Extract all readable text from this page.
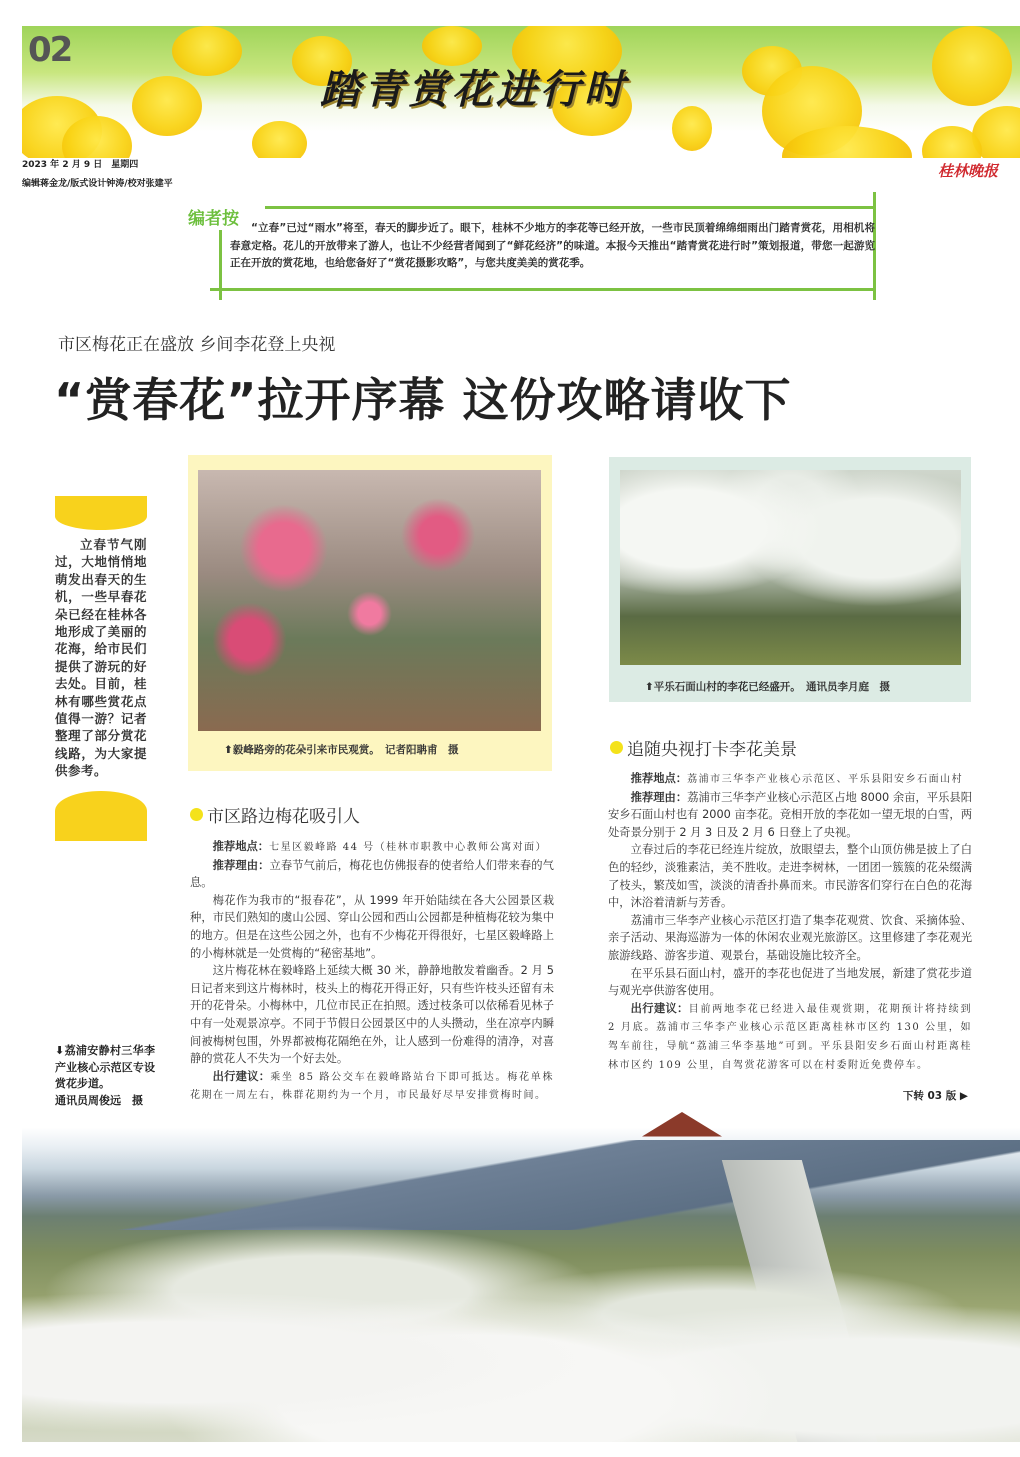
02
踏青赏花进行时
2023 年 2 月 9 日　星期四
编辑蒋金龙/版式设计钟涛/校对张建平
桂林晚报
编者按	“立春”已过“雨水”将至，春天的脚步近了。眼下，桂林不少地方的李花等已经开放，一些市民顶着绵绵细雨出门踏青赏花，用相机将春意定格。花儿的开放带来了游人，也让不少经营者闻到了“鲜花经济”的味道。本报今天推出“踏青赏花进行时”策划报道，带您一起游览正在开放的赏花地，也给您备好了“赏花摄影攻略”，与您共度美美的赏花季。
市区梅花正在盛放 乡间李花登上央视
“赏春花”拉开序幕 这份攻略请收下
⬆毅峰路旁的花朵引来市民观赏。　记者阳聃甫　摄
⬆平乐石面山村的李花已经盛开。　通讯员李月庭　摄
立春节气刚过，大地悄悄地萌发出春天的生机，一些早春花朵已经在桂林各地形成了美丽的花海，给市民们提供了游玩的好去处。目前，桂林有哪些赏花点值得一游？记者整理了部分赏花线路，为大家提供参考。
市区路边梅花吸引人

推荐地点：七星区毅峰路 44 号（桂林市职教中心教师公寓对面）

推荐理由：立春节气前后，梅花也仿佛报春的使者给人们带来春的气息。

梅花作为我市的“报春花”，从 1999 年开始陆续在各大公园景区栽种，市民们熟知的虞山公园、穿山公园和西山公园都是种植梅花较为集中的地方。但是在这些公园之外，也有不少梅花开得很好，七星区毅峰路上的小梅林就是一处赏梅的“秘密基地”。

这片梅花林在毅峰路上延续大概 30 米，静静地散发着幽香。2 月 5 日记者来到这片梅林时，枝头上的梅花开得正好，只有些许枝头还留有未开的花骨朵。小梅林中，几位市民正在拍照。透过枝条可以依稀看见林子中有一处观景凉亭。不同于节假日公园景区中的人头攒动，坐在凉亭内瞬间被梅树包围，外界都被梅花隔绝在外，让人感到一份难得的清净，对喜静的赏花人不失为一个好去处。

出行建议：乘坐 85 路公交车在毅峰路站台下即可抵达。梅花单株花期在一周左右，株群花期约为一个月，市民最好尽早安排赏梅时间。

追随央视打卡李花美景

推荐地点：荔浦市三华李产业核心示范区、平乐县阳安乡石面山村

推荐理由：荔浦市三华李产业核心示范区占地 8000 余亩，平乐县阳安乡石面山村也有 2000 亩李花。竞相开放的李花如一望无垠的白雪，两处奇景分别于 2 月 3 日及 2 月 6 日登上了央视。

立春过后的李花已经连片绽放，放眼望去，整个山顶仿佛是披上了白色的轻纱，淡雅素洁，美不胜收。走进李树林，一团团一簇簇的花朵缀满了枝头，繁茂如雪，淡淡的清香扑鼻而来。市民游客们穿行在白色的花海中，沐浴着清新与芳香。

荔浦市三华李产业核心示范区打造了集李花观赏、饮食、采摘体验、亲子活动、果海巡游为一体的休闲农业观光旅游区。这里修建了李花观光旅游线路、游客步道、观景台，基础设施比较齐全。

在平乐县石面山村，盛开的李花也促进了当地发展，新建了赏花步道与观光亭供游客使用。

出行建议：目前两地李花已经进入最佳观赏期，花期预计将持续到 2 月底。荔浦市三华李产业核心示范区距离桂林市区约 130 公里，如驾车前往，导航“荔浦三华李基地”可到。平乐县阳安乡石面山村距离桂林市区约 109 公里，自驾赏花游客可以在村委附近免费停车。

⬇荔浦安静村三华李产业核心示范区专设赏花步道。
通讯员周俊远　摄	下转 03 版 ▶
